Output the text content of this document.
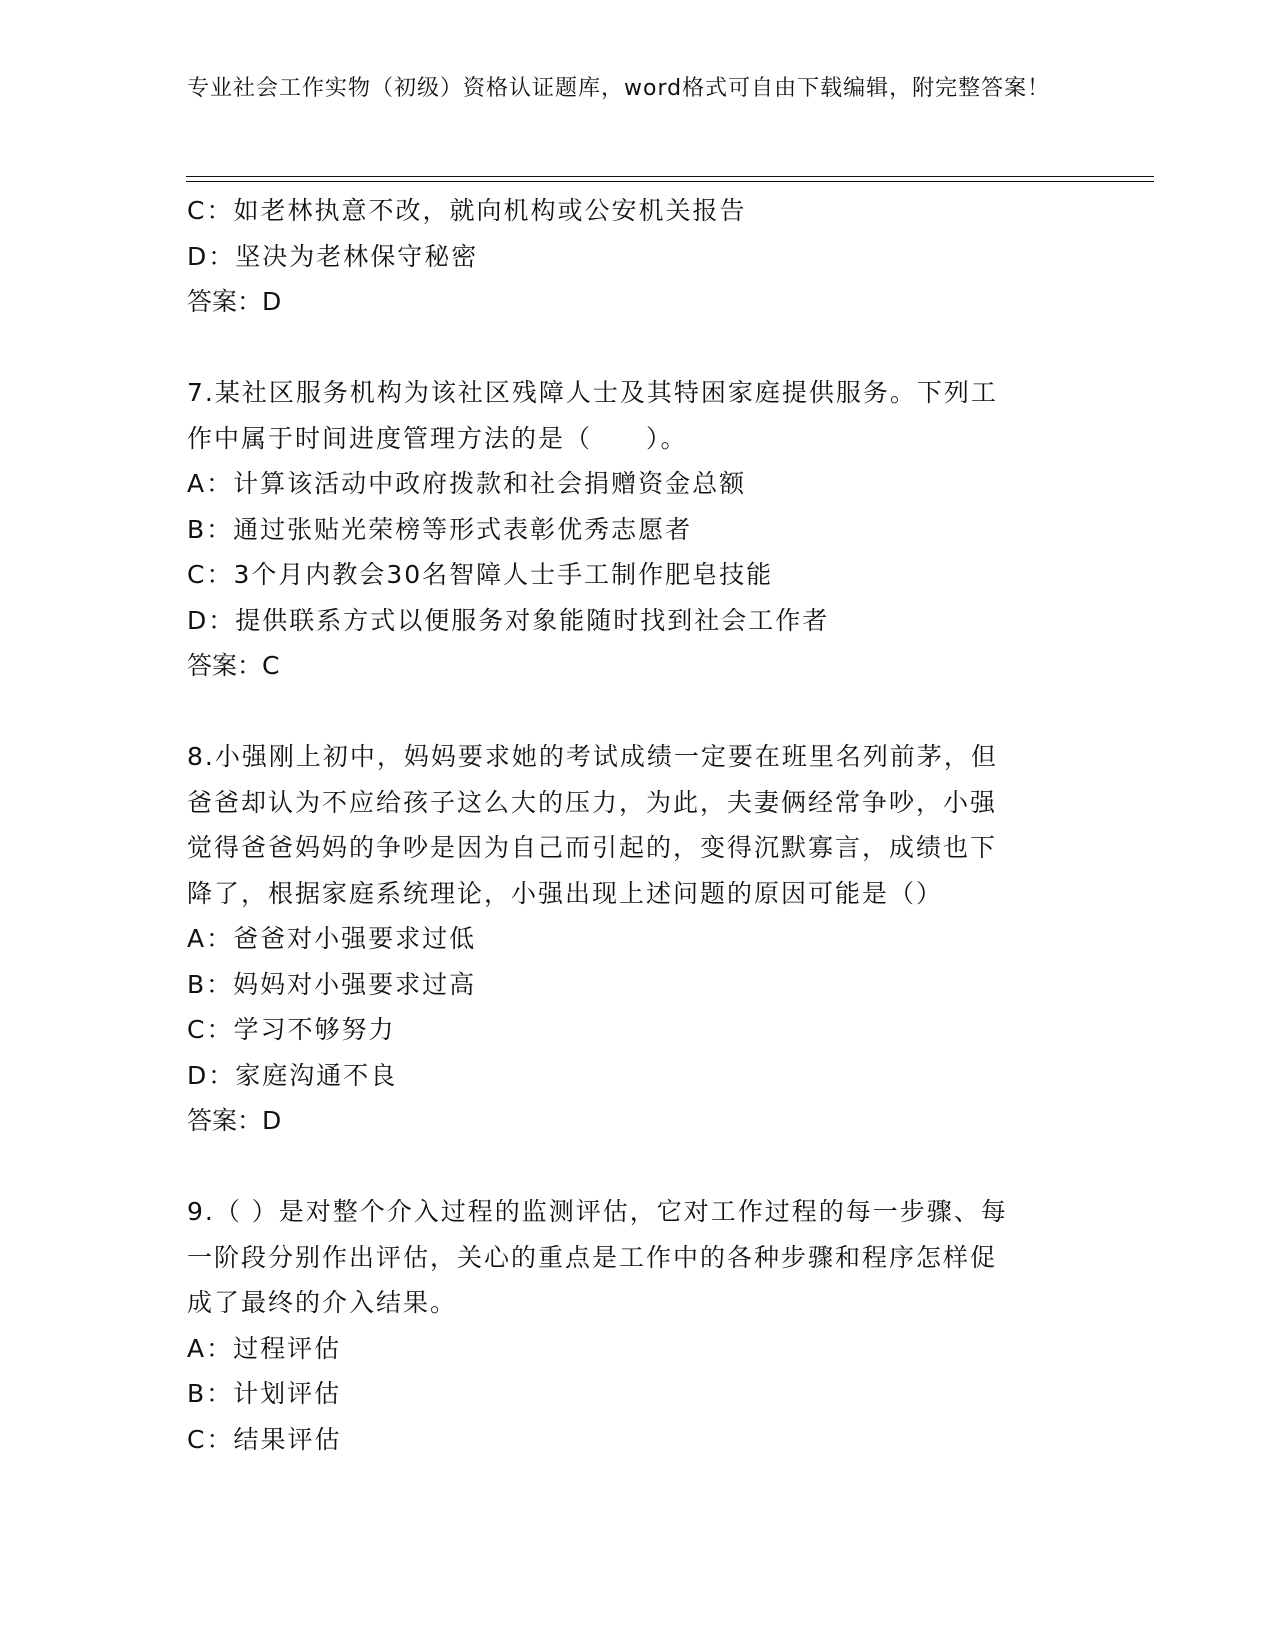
专业社会工作实物（初级）资格认证题库，word格式可自由下载编辑，附完整答案！
C：如老林执意不改，就向机构或公安机关报告
D：坚决为老林保守秘密
答案：D
7.某社区服务机构为该社区残障人士及其特困家庭提供服务。下列工
作中属于时间进度管理方法的是（　　）。
A：计算该活动中政府拨款和社会捐赠资金总额
B：通过张贴光荣榜等形式表彰优秀志愿者
C：3个月内教会30名智障人士手工制作肥皂技能
D：提供联系方式以便服务对象能随时找到社会工作者
答案：C
8.小强刚上初中，妈妈要求她的考试成绩一定要在班里名列前茅，但
爸爸却认为不应给孩子这么大的压力，为此，夫妻俩经常争吵，小强
觉得爸爸妈妈的争吵是因为自己而引起的，变得沉默寡言，成绩也下
降了，根据家庭系统理论，小强出现上述问题的原因可能是（）
A：爸爸对小强要求过低
B：妈妈对小强要求过高
C：学习不够努力
D：家庭沟通不良
答案：D
9.（ ）是对整个介入过程的监测评估，它对工作过程的每一步骤、每
一阶段分别作出评估，关心的重点是工作中的各种步骤和程序怎样促
成了最终的介入结果。
A：过程评估
B：计划评估
C：结果评估
